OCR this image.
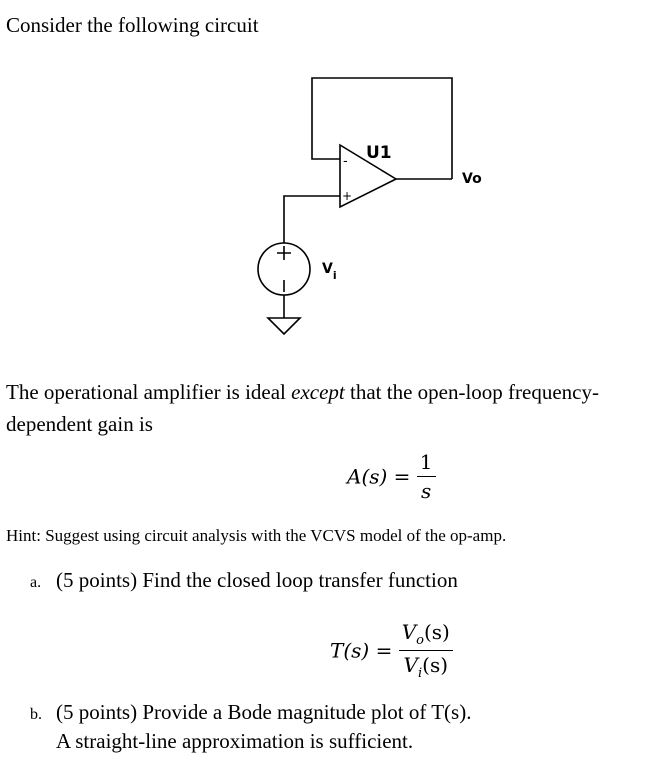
Consider the following circuit
-
+
U1
Vo
$V_i$
The operational amplifier is ideal except that the open-loop frequency-dependent gain is
$A(s) = \frac{1}{s}$
Hint: Suggest using circuit analysis with the VCVS model of the op-amp.
a. (5 points) Find the closed loop transfer function
$T(s) = \frac{V_o(s)}{V_i(s)}$
b. (5 points) Provide a Bode magnitude plot of T(s).
A straight-line approximation is sufficient.
